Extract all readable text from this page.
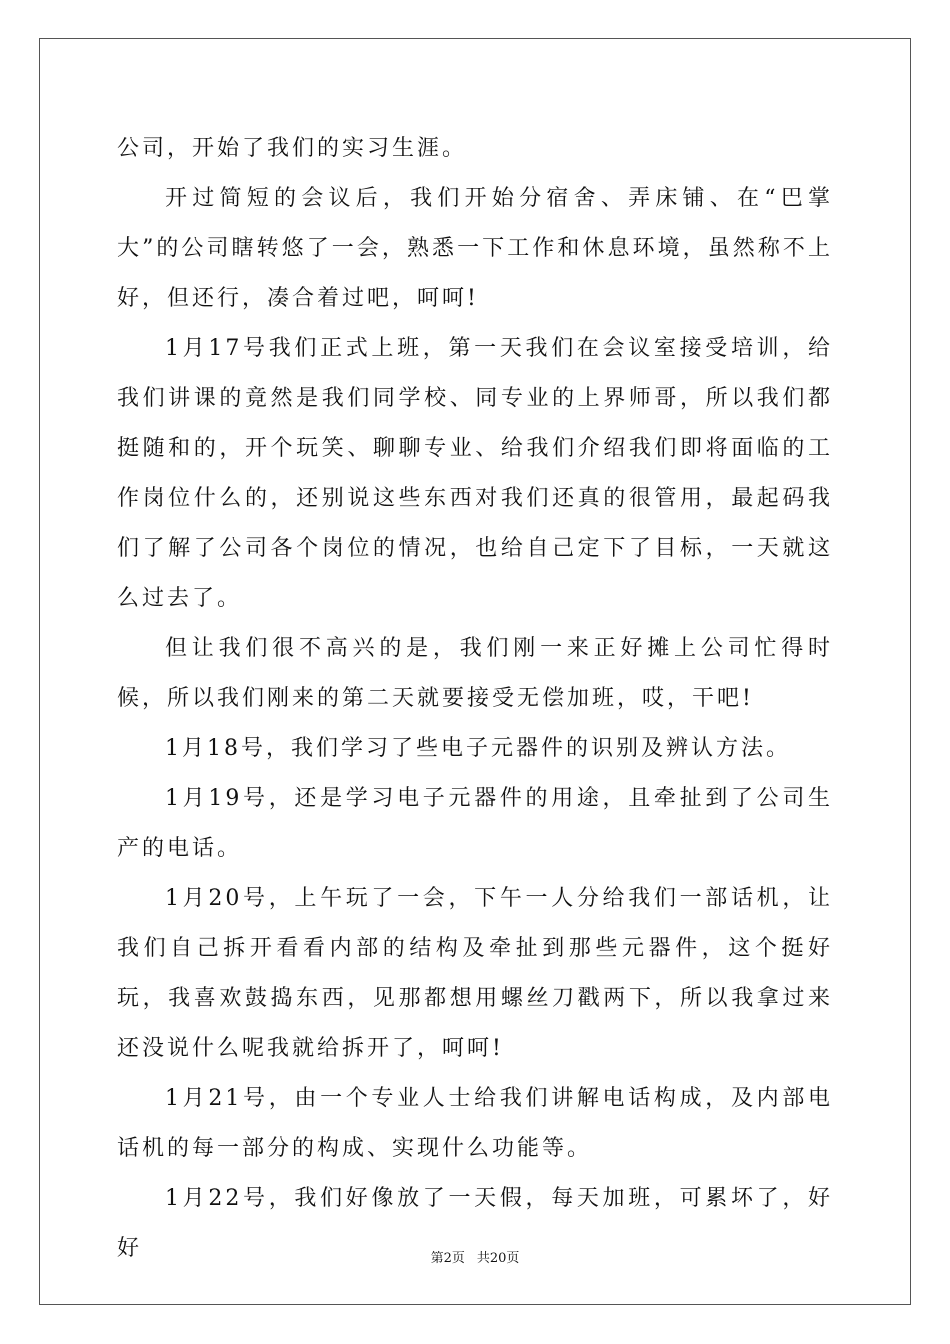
公司，开始了我们的实习生涯。

开过简短的会议后，我们开始分宿舍、弄床铺、在“巴掌大”的公司瞎转悠了一会，熟悉一下工作和休息环境，虽然称不上好，但还行，凑合着过吧，呵呵!

1月17号我们正式上班，第一天我们在会议室接受培训，给我们讲课的竟然是我们同学校、同专业的上界师哥，所以我们都挺随和的，开个玩笑、聊聊专业、给我们介绍我们即将面临的工作岗位什么的，还别说这些东西对我们还真的很管用，最起码我们了解了公司各个岗位的情况，也给自己定下了目标，一天就这么过去了。

但让我们很不高兴的是，我们刚一来正好摊上公司忙得时候，所以我们刚来的第二天就要接受无偿加班，哎，干吧!

1月18号，我们学习了些电子元器件的识别及辨认方法。

1月19号，还是学习电子元器件的用途，且牵扯到了公司生产的电话。

1月20号，上午玩了一会，下午一人分给我们一部话机，让我们自己拆开看看内部的结构及牵扯到那些元器件，这个挺好玩，我喜欢鼓捣东西，见那都想用螺丝刀戳两下，所以我拿过来还没说什么呢我就给拆开了，呵呵!

1月21号，由一个专业人士给我们讲解电话构成，及内部电话机的每一部分的构成、实现什么功能等。

1月22号，我们好像放了一天假，每天加班，可累坏了，好好	第2页 共20页
